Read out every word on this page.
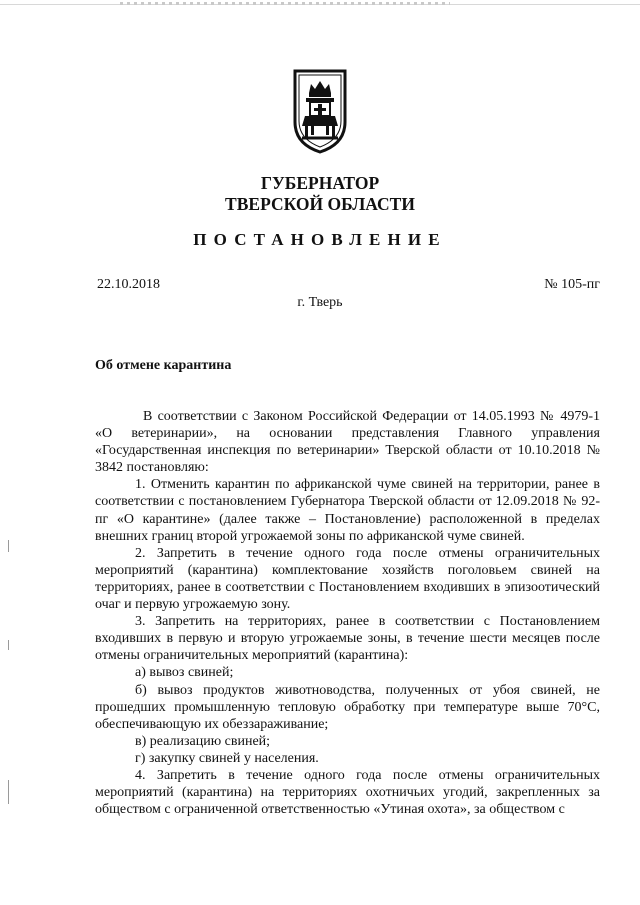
ГУБЕРНАТОР
ТВЕРСКОЙ ОБЛАСТИ
ПОСТАНОВЛЕНИЕ
22.10.2018	№ 105-пг
г. Тверь
Об отмене карантина

В соответствии с Законом Российской Федерации от 14.05.1993 № 4979-1 «О ветеринарии», на основании представления Главного управления «Государственная инспекция по ветеринарии» Тверской области от 10.10.2018 № 3842 постановляю:

1. Отменить карантин по африканской чуме свиней на территории, ранее в соответствии с постановлением Губернатора Тверской области от 12.09.2018 № 92-пг «О карантине» (далее также – Постановление) расположенной в пределах внешних границ второй угрожаемой зоны по африканской чуме свиней.

2. Запретить в течение одного года после отмены ограничительных мероприятий (карантина) комплектование хозяйств поголовьем свиней на территориях, ранее в соответствии с Постановлением входивших в эпизоотический очаг и первую угрожаемую зону.

3. Запретить на территориях, ранее в соответствии с Постановлением входивших в первую и вторую угрожаемые зоны, в течение шести месяцев после отмены ограничительных мероприятий (карантина):

а) вывоз свиней;

б) вывоз продуктов животноводства, полученных от убоя свиней, не прошедших промышленную тепловую обработку при температуре выше 70°С, обеспечивающую их обеззараживание;

в) реализацию свиней;

г) закупку свиней у населения.

4. Запретить в течение одного года после отмены ограничительных мероприятий (карантина) на территориях охотничьих угодий, закрепленных за обществом с ограниченной ответственностью «Утиная охота», за обществом с
